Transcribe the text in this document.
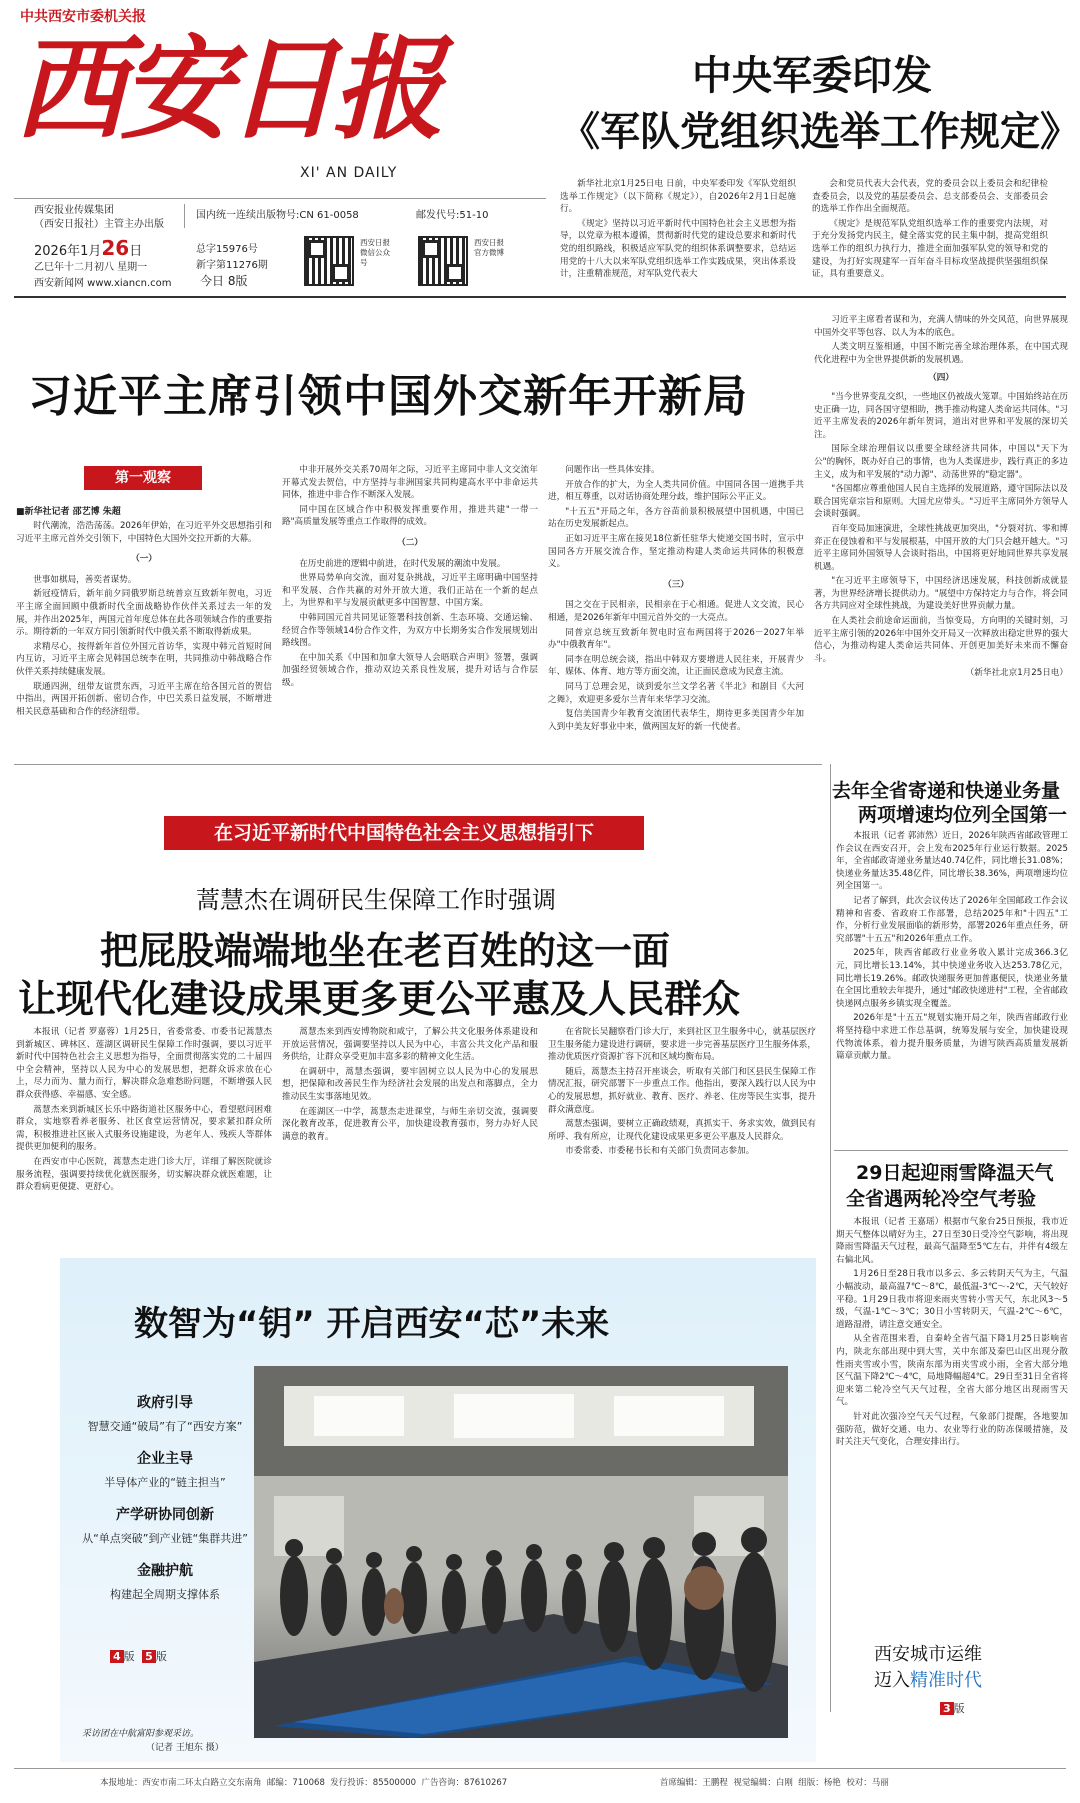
中共西安市委机关报
西安日报
XI' AN DAILY
西安报业传媒集团
（西安日报社）主管主办出版
国内统一连续出版物号:CN 61-0058	邮发代号:51-10
2026年1月26日
乙巳年十二月初八 星期一
西安新闻网 www.xiancn.com
总字15976号
新字第11276期
今日 8版
西安日报微信公众号
西安日报官方微博
中央军委印发
《军队党组织选举工作规定》

新华社北京1月25日电 日前，中央军委印发《军队党组织选举工作规定》（以下简称《规定》），自2026年2月1日起施行。

《规定》坚持以习近平新时代中国特色社会主义思想为指导，以党章为根本遵循，贯彻新时代党的建设总要求和新时代党的组织路线，积极适应军队党的组织体系调整要求，总结运用党的十八大以来军队党组织选举工作实践成果，突出体系设计，注重精准规范，对军队党代表大

会和党员代表大会代表，党的委员会以上委员会和纪律检查委员会，以及党的基层委员会、总支部委员会、支部委员会的选举工作作出全面规范。

《规定》是规范军队党组织选举工作的重要党内法规，对于充分发扬党内民主，健全落实党的民主集中制，提高党组织选举工作的组织力执行力，推进全面加强军队党的领导和党的建设，为打好实现建军一百年奋斗目标攻坚战提供坚强组织保证，具有重要意义。

习近平主席引领中国外交新年开新局
第一观察
■新华社记者 邵艺博 朱超

时代潮流，浩浩荡荡。2026年伊始，在习近平外交思想指引和习近平主席元首外交引领下，中国特色大国外交拉开新的大幕。

（一）

世事如棋局，善奕者谋势。

新冠疫情后，新年前夕同俄罗斯总统普京互致新年贺电，习近平主席全面回顾中俄新时代全面战略协作伙伴关系过去一年的发展，并作出2025年，两国元首年度总体在此各项领域合作的重要指示。期待新的一年双方同引领新时代中俄关系不断取得新成果。

求精尽心，按得新年首位外国元首访华，实现中韩元首短时间内互访，习近平主席会见韩国总统李在明，共同推动中韩战略合作伙伴关系持续健康发展。

联通四洲，纽带友谊贯东西，习近平主席在给各国元首的贺信中指出，两国开拓创新、密切合作，中巴关系日益发展，不断增进相关民意基础和合作的经济纽带。

中非开展外交关系70周年之际，习近平主席同中非人文交流年开幕式发去贺信，中方坚持与非洲国家共同构建高水平中非命运共同体，推进中非合作不断深入发展。

同中国在区域合作中积极发挥重要作用，推进共建"一带一路"高质量发展等重点工作取得的成效。

（二）

在历史前进的逻辑中前进，在时代发展的潮流中发展。

世界局势单向交流，面对复杂挑战，习近平主席明确中国坚持和平发展、合作共赢的对外开放大道，我们正站在一个新的起点上，为世界和平与发展贡献更多中国智慧、中国方案。

中韩同国元首共同见证签署科技创新、生态环境、交通运输、经贸合作等领域14份合作文件，为双方中长期务实合作发展规划出路线图。

在中加关系《中国和加拿大领导人会晤联合声明》签署，强调加强经贸领域合作，推动双边关系良性发展，提升对话与合作层级。

问题作出一些具体安排。

开放合作的扩大，为全人类共同价值。中国同各国一道携手共进，相互尊重，以对话协商处理分歧，维护国际公平正义。

"十五五"开局之年，各方谷苗前景积极展望中国机遇，中国已站在历史发展新起点。

正如习近平主席在接见18位新任驻华大使递交国书时，宣示中国同各方开展交流合作，坚定推动构建人类命运共同体的积极意义。

（三）

国之交在于民相亲，民相亲在于心相通。促进人文交流，民心相通，是2026年新年中国元首外交的一大亮点。

同普京总统互致新年贺电时宣布两国将于2026－2027年举办"中俄教育年"。

同李在明总统会谈，指出中韩双方要增进人民往来，开展青少年、媒体、体育、地方等方面交流，让正面民意成为民意主流。

同马丁总理会见，谈到爱尔兰文学名著《半北》和剧目《大河之舞》，欢迎更多爱尔兰青年来华学习交流。

复信美国青少年教育交流团代表华生，期待更多美国青少年加入到中美友好事业中来，做两国友好的新一代使者。

习近平主席看者谋和为，充满人情味的外交风范，向世界展现中国外交平等包容、以人为本的底色。

人类文明互鉴相通，中国不断完善全球治理体系，在中国式现代化进程中为全世界提供新的发展机遇。

（四）

"当今世界变乱交织，一些地区仍被战火笼罩。中国始终站在历史正确一边，同各国守望相助，携手推动构建人类命运共同体。"习近平主席发表的2026年新年贺词，道出对世界和平发展的深切关注。

国际全球治理倡议以重要全球经济共同体，中国以"天下为公"的胸怀，既办好自己的事情，也为人类谋进步，践行真正的多边主义，成为和平发展的"动力源"、动荡世界的"稳定器"。

"各国都应尊重他国人民自主选择的发展道路，遵守国际法以及联合国宪章宗旨和原则。大国尤应带头。"习近平主席同外方领导人会谈时强调。

百年变局加速演进，全球性挑战更加突出，"分裂对抗、零和博弈正在侵蚀着和平与发展根基，中国开放的大门只会越开越大。"习近平主席同外国领导人会谈时指出，中国将更好地同世界共享发展机遇。

"在习近平主席领导下，中国经济迅速发展，科技创新成就显著，为世界经济增长提供动力。"展望中方保持定力与合作，将会同各方共同应对全球性挑战，为建设美好世界贡献力量。

在人类社会前途命运面前，当惊变局，方向明的关键时刻，习近平主席引领的2026年中国外交开局又一次释放出稳定世界的强大信心，为推动构建人类命运共同体、开创更加美好未来而不懈奋斗。

（新华社北京1月25日电）

在习近平新时代中国特色社会主义思想指引下
蒿慧杰在调研民生保障工作时强调
把屁股端端地坐在老百姓的这一面
让现代化建设成果更多更公平惠及人民群众

本报讯（记者 罗嘉蓉）1月25日，省委常委、市委书记蒿慧杰到新城区、碑林区、莲湖区调研民生保障工作时强调，要以习近平新时代中国特色社会主义思想为指导，全面贯彻落实党的二十届四中全会精神，坚持以人民为中心的发展思想，把群众诉求放在心上，尽力而为、量力而行，解决群众急难愁盼问题，不断增强人民群众获得感、幸福感、安全感。

蒿慧杰来到新城区长乐中路街道社区服务中心，看望慰问困难群众，实地察看养老服务、社区食堂运营情况，要求紧扣群众所需，积极推进社区嵌入式服务设施建设，为老年人、残疾人等群体提供更加便利的服务。

在西安市中心医院，蒿慧杰走进门诊大厅，详细了解医院就诊服务流程，强调要持续优化就医服务，切实解决群众就医难题，让群众看病更便捷、更舒心。

蒿慧杰来到西安博物院和咸宁，了解公共文化服务体系建设和开放运营情况，强调要坚持以人民为中心，丰富公共文化产品和服务供给，让群众享受更加丰富多彩的精神文化生活。

在调研中，蒿慧杰强调，要牢固树立以人民为中心的发展思想，把保障和改善民生作为经济社会发展的出发点和落脚点，全力推动民生实事落地见效。

在莲湖区一中学，蒿慧杰走进课堂，与师生亲切交流，强调要深化教育改革，促进教育公平，加快建设教育强市，努力办好人民满意的教育。

在省院长吴翻察看门诊大厅，来到社区卫生服务中心，就基层医疗卫生服务能力建设进行调研，要求进一步完善基层医疗卫生服务体系，推动优质医疗资源扩容下沉和区域均衡布局。

随后，蒿慧杰主持召开座谈会，听取有关部门和区县民生保障工作情况汇报，研究部署下一步重点工作。他指出，要深入践行以人民为中心的发展思想，抓好就业、教育、医疗、养老、住房等民生实事，提升群众满意度。

蒿慧杰强调，要树立正确政绩观，真抓实干、务求实效，做到民有所呼、我有所应，让现代化建设成果更多更公平惠及人民群众。

市委常委、市委秘书长和有关部门负责同志参加。

数智为“钥” 开启西安“芯”未来
政府引导
智慧交通“破局”有了“西安方案”
企业主导
半导体产业的“链主担当”
产学研协同创新
从“单点突破”到产业链“集群共进”
金融护航
构建起全周期支撑体系
4 版 5 版
采访团在中航富阳参观采访。
（记者 王旭东 摄）
去年全省寄递和快递业务量
两项增速均位列全国第一

本报讯（记者 郭沛然）近日，2026年陕西省邮政管理工作会议在西安召开，会上发布2025年行业运行数据。2025年，全省邮政寄递业务量达40.74亿件，同比增长31.08%；快递业务量达35.48亿件，同比增长38.36%，两项增速均位列全国第一。

记者了解到，此次会议传达了2026年全国邮政工作会议精神和省委、省政府工作部署，总结2025年和"十四五"工作，分析行业发展面临的新形势，部署2026年重点任务，研究部署"十五五"和2026年重点工作。

2025年，陕西省邮政行业业务收入累计完成366.3亿元，同比增长13.14%，其中快递业务收入达253.78亿元，同比增长19.26%。邮政快递服务更加普惠便民，快递业务量在全国比重较去年提升，通过"邮政快递进村"工程，全省邮政快递网点服务乡镇实现全覆盖。

2026年是"十五五"规划实施开局之年，陕西省邮政行业将坚持稳中求进工作总基调，统筹发展与安全，加快建设现代物流体系，着力提升服务质量，为谱写陕西高质量发展新篇章贡献力量。

29日起迎雨雪降温天气
全省遇两轮冷空气考验

本报讯（记者 王嘉瑶）根据市气象台25日预报，我市近期天气整体以晴好为主，27日至30日受冷空气影响，将出现降雨雪降温天气过程，最高气温降至5℃左右，并伴有4级左右偏北风。

1月26日至28日我市以多云、多云转阴天气为主，气温小幅波动，最高温7℃～8℃，最低温-3℃～-2℃，天气较好平稳。1月29日我市将迎来雨夹雪转小雪天气，东北风3～5级，气温-1℃～3℃；30日小雪转阴天，气温-2℃～6℃，道路湿滑，请注意交通安全。

从全省范围来看，自秦岭全省气温下降1月25日影响省内，陕北东部出现中到大雪，关中东部及秦巴山区出现分散性雨夹雪或小雪，陕南东部为雨夹雪或小雨，全省大部分地区气温下降2℃～4℃，局地降幅超4℃。29日至31日全省将迎来第二轮冷空气天气过程，全省大部分地区出现雨雪天气。

针对此次强冷空气天气过程，气象部门提醒，各地要加强防范，做好交通、电力、农业等行业的防冻保暖措施，及时关注天气变化，合理安排出行。

西安城市运维
迈入精准时代
3 版
本报地址：西安市南二环太白路立交东南角 邮编：710068 发行投诉：85500000 广告咨询：87610267	首席编辑：王鹏程 视觉编辑：白刚 组版：杨艳 校对：马丽
